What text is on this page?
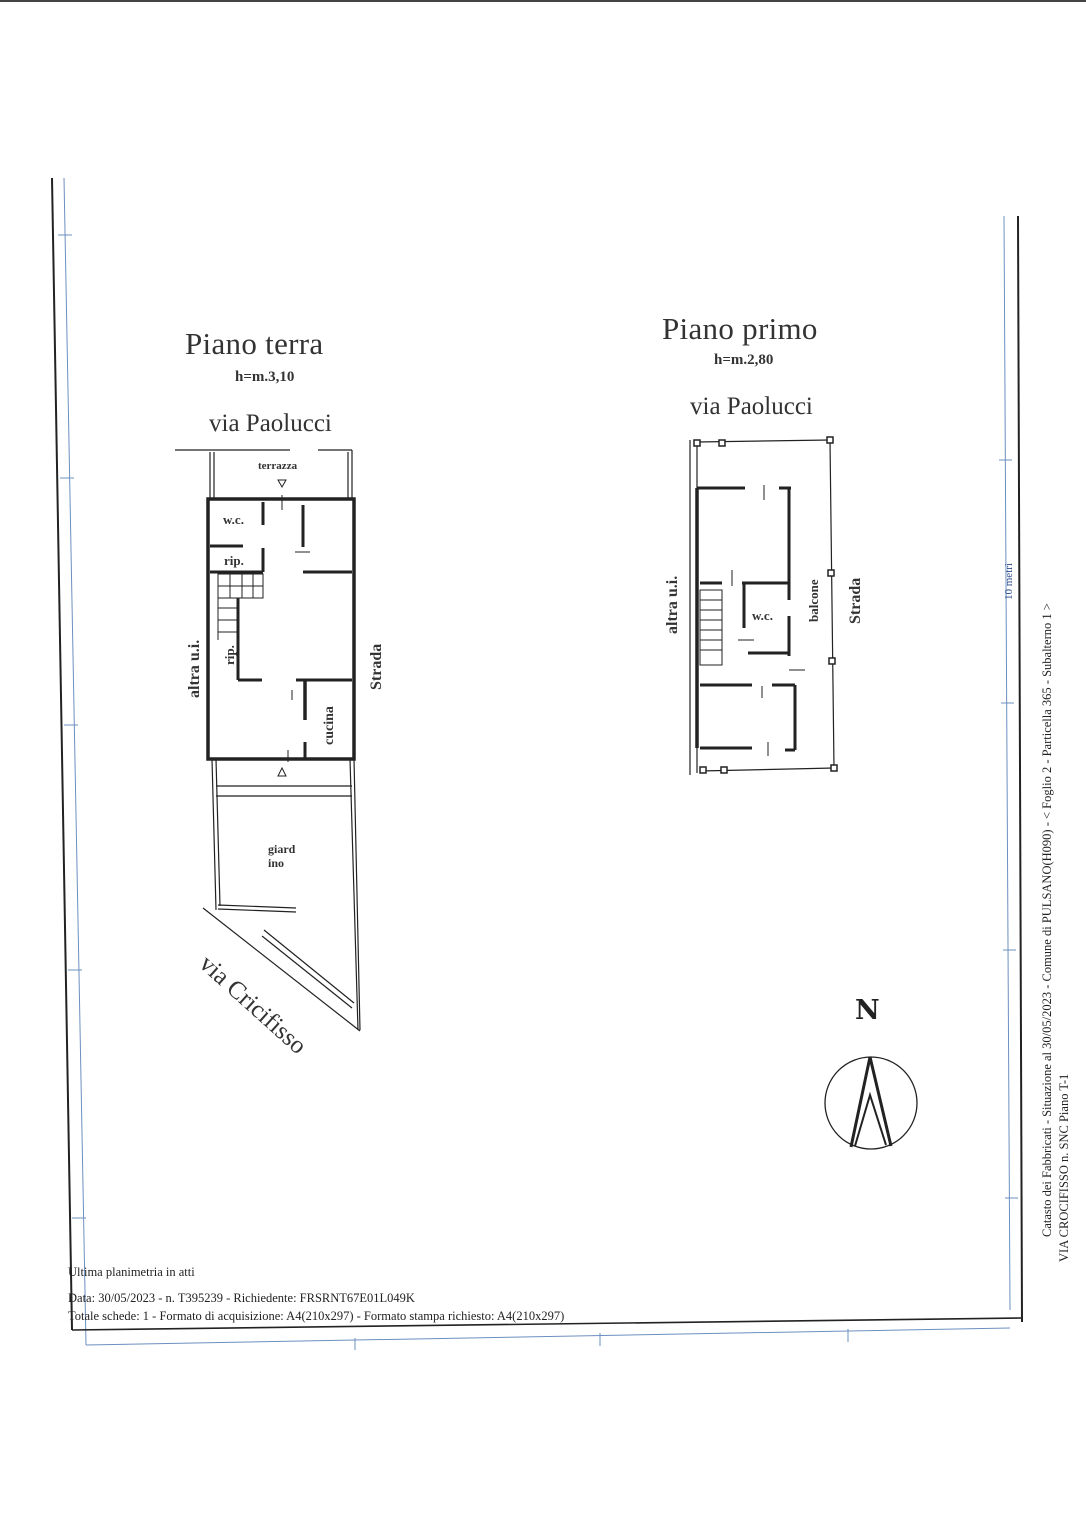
Piano terra
h=m.3,10
via Paolucci
terrazza
w.c.
rip.
rip.
cucina
giard
ino
altra u.i.	Strada
via Cricifisso
Piano primo
h=m.2,80
via Paolucci
w.c.	balcone
altra u.i.	Strada
N
10 metri
Catasto dei Fabbricati - Situazione al 30/05/2023 - Comune di PULSANO(H090) - < Foglio 2 - Particella 365 - Subalterno 1 > VIA CROCIFISSO n. SNC Piano T-1
Ultima planimetria in atti
Data: 30/05/2023 - n. T395239 - Richiedente: FRSRNT67E01L049K
Totale schede: 1 - Formato di acquisizione: A4(210x297) - Formato stampa richiesto: A4(210x297)
